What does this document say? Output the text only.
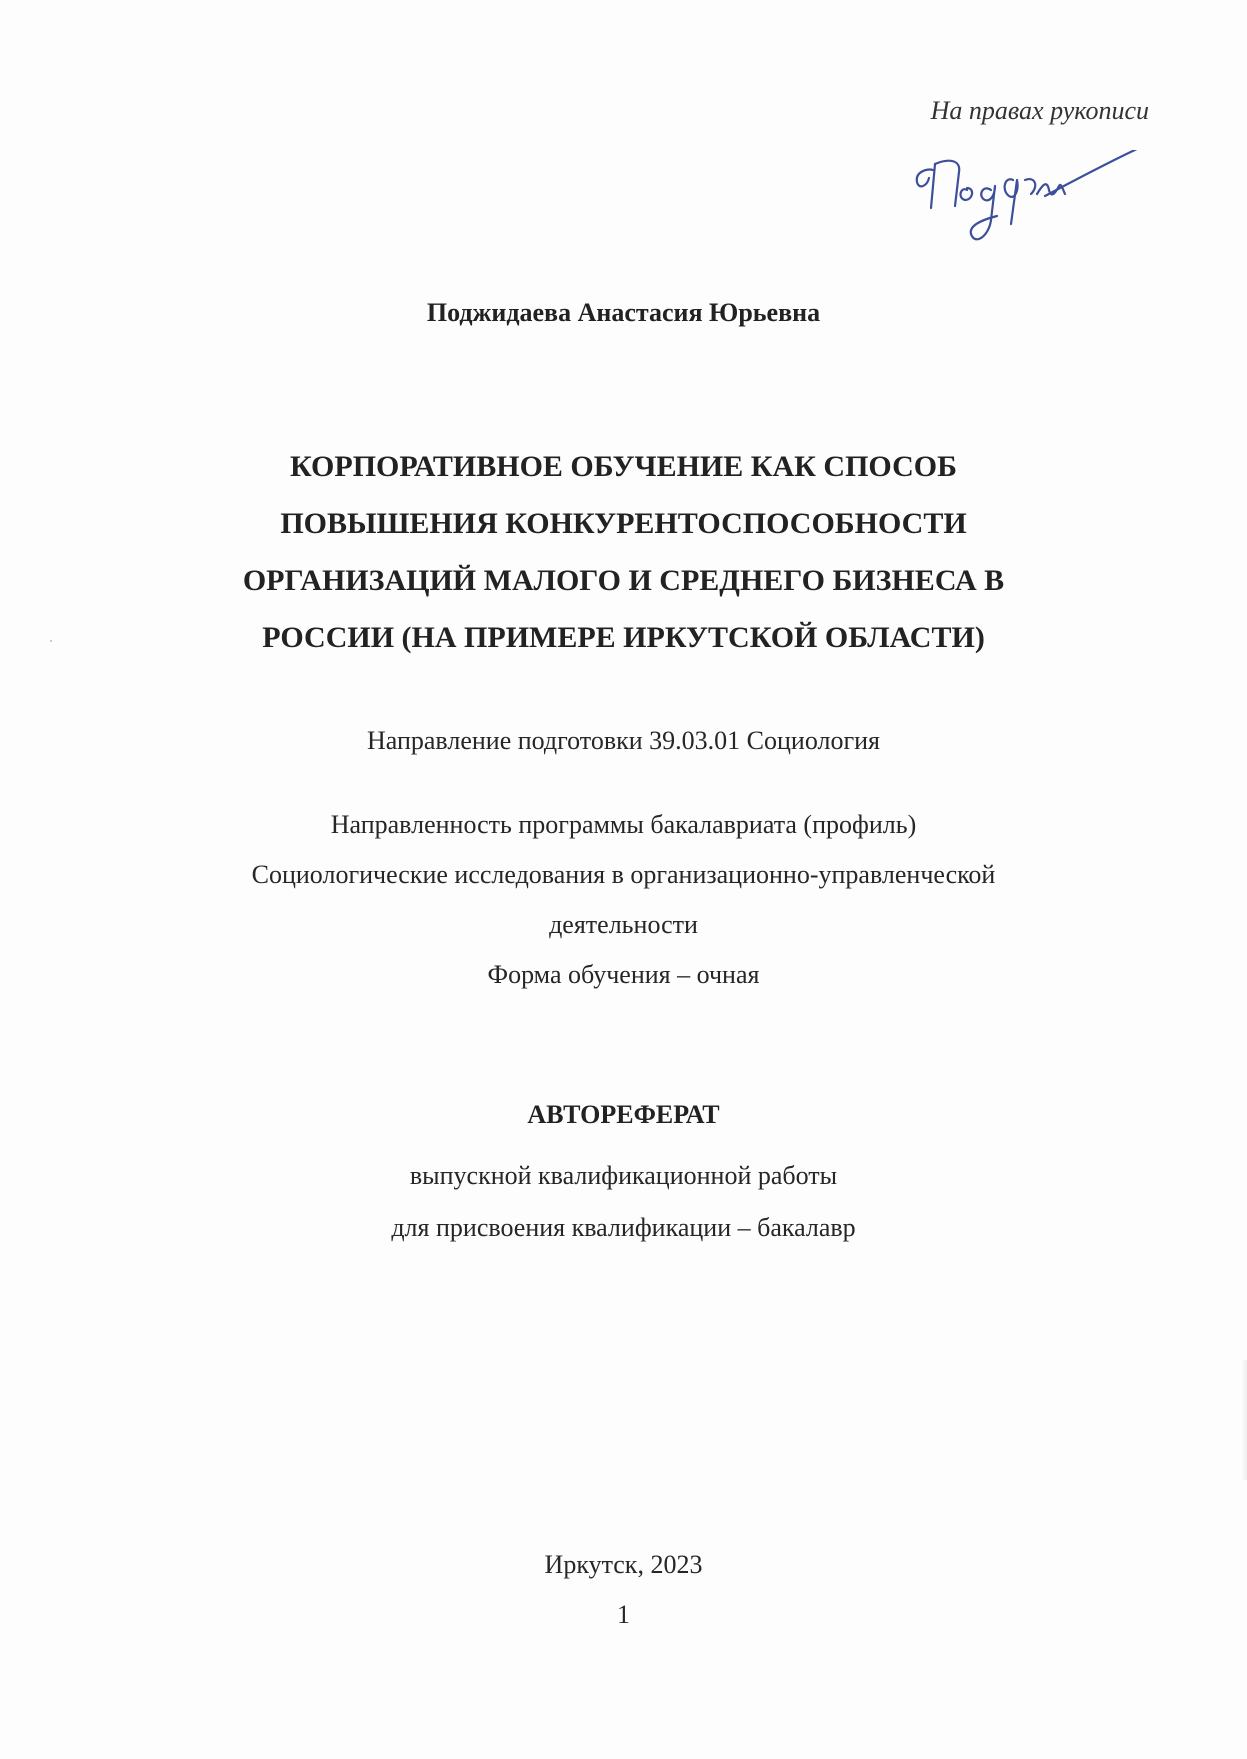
На правах рукописи
Поджидаева Анастасия Юрьевна
КОРПОРАТИВНОЕ ОБУЧЕНИЕ КАК СПОСОБ
ПОВЫШЕНИЯ КОНКУРЕНТОСПОСОБНОСТИ
ОРГАНИЗАЦИЙ МАЛОГО И СРЕДНЕГО БИЗНЕСА В
РОССИИ (НА ПРИМЕРЕ ИРКУТСКОЙ ОБЛАСТИ)
Направление подготовки 39.03.01 Социология
Направленность программы бакалавриата (профиль)
Социологические исследования в организационно-управленческой
деятельности
Форма обучения – очная
АВТОРЕФЕРАТ
выпускной квалификационной работы
для присвоения квалификации – бакалавр
Иркутск, 2023
1
